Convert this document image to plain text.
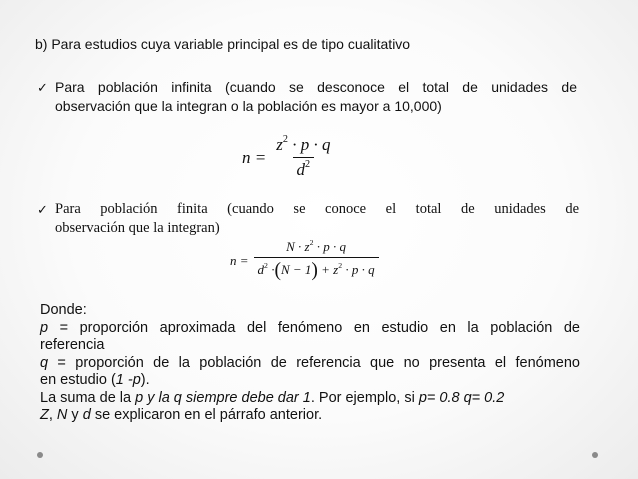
b) Para estudios cuya variable principal es de tipo cualitativo
✓ Para población infinita (cuando se desconoce el total de unidades de
observación que la integran o la población es mayor a 10,000)
$n = \frac{z^2 \cdot p \cdot q}{d^2}$
✓ Para población finita (cuando se conoce el total de unidades de
observación que la integran)
$n = \frac{N \cdot z^2 \cdot p \cdot q}{d^2 \cdot(N - 1) + z^2 \cdot p \cdot q}$
Donde:
p = proporción aproximada del fenómeno en estudio en la población de
referencia
q = proporción de la población de referencia que no presenta el fenómeno
en estudio (1 -p).
La suma de la p y la q siempre debe dar 1. Por ejemplo, si p= 0.8 q= 0.2
Z, N y d se explicaron en el párrafo anterior.
